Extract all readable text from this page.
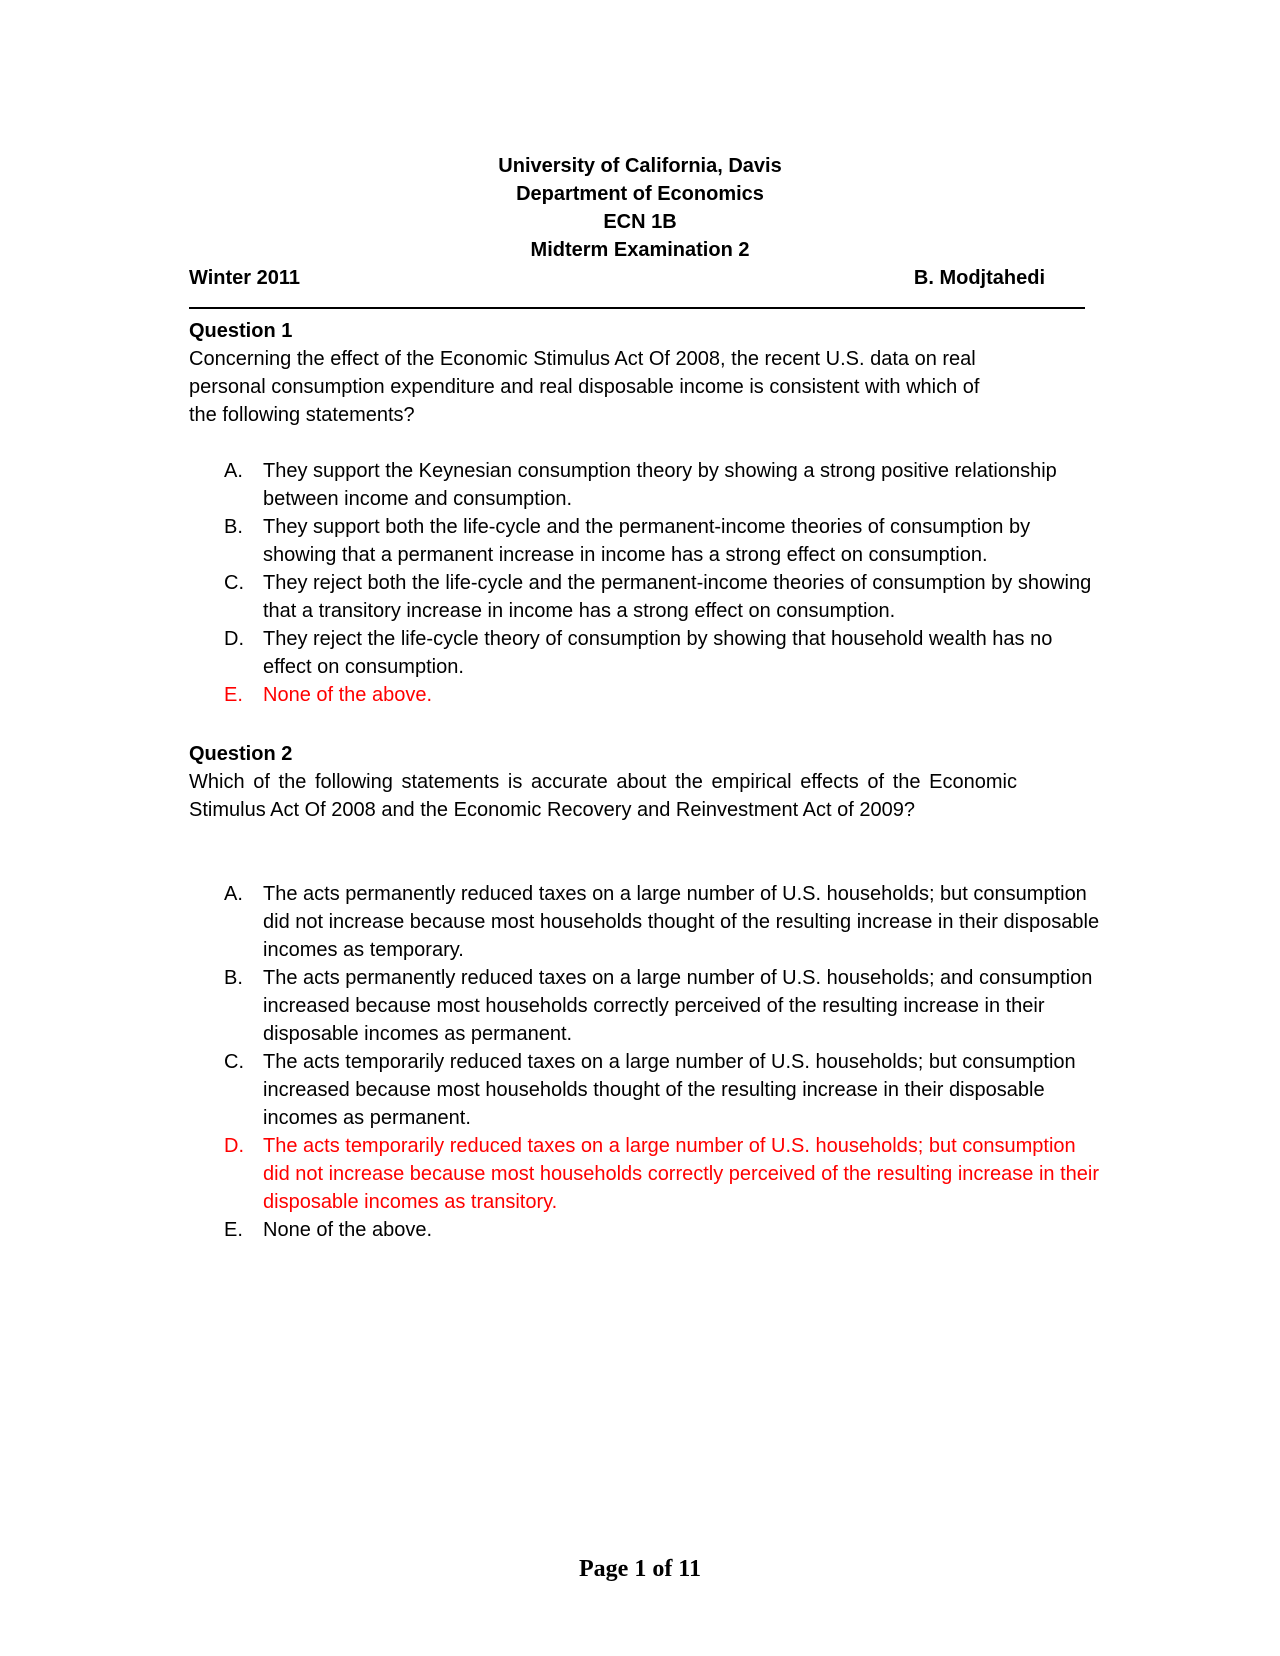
University of California, Davis
Department of Economics
ECN 1B
Midterm Examination 2
Winter 2011	B. Modjtahedi
Question 1
Concerning the effect of the Economic Stimulus Act Of 2008, the recent U.S. data on real personal consumption expenditure and real disposable income is consistent with which of the following statements?
A.	They support the Keynesian consumption theory by showing a strong positive relationship between income and consumption.
B.	They support both the life-cycle and the permanent-income theories of consumption by showing that a permanent increase in income has a strong effect on consumption.
C. They reject both the life-cycle and the permanent-income theories of consumption by showing that a transitory increase in income has a strong effect on consumption.
D. They reject the life-cycle theory of consumption by showing that household wealth has no effect on consumption.
E.	None of the above.
Question 2
Which of the following statements is accurate about the empirical effects of the Economic Stimulus Act Of 2008 and the Economic Recovery and Reinvestment Act of 2009?
A.	The acts permanently reduced taxes on a large number of U.S. households; but consumption did not increase because most households thought of the resulting increase in their disposable incomes as temporary.
B.	The acts permanently reduced taxes on a large number of U.S. households; and consumption increased because most households correctly perceived of the resulting increase in their disposable incomes as permanent.
C. The acts temporarily reduced taxes on a large number of U.S. households; but consumption increased because most households thought of the resulting increase in their disposable incomes as permanent.
D. The acts temporarily reduced taxes on a large number of U.S. households; but consumption did not increase because most households correctly perceived of the resulting increase in their disposable incomes as transitory.
E.	None of the above.
Page 1 of 11
